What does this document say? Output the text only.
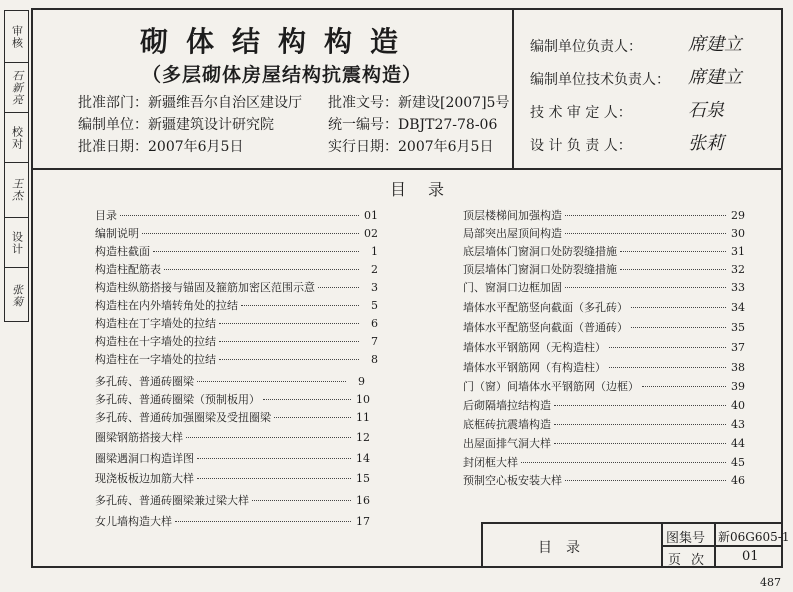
审核
石新亮
校对
王杰
设计
张菊
砌体结构构造
（多层砌体房屋结构抗震构造）
批准部门：新疆维吾尔自治区建设厅 批准文号：新建设[2007]5号
编制单位：新疆建筑设计研究院	统一编号：DBJT27-78-06
批准日期：2007年6月5日	实行日期：2007年6月5日
编制单位负责人：	席建立
编制单位技术负责人： 席建立
技 术 审 定 人：	石泉
设 计 负 责 人：	张莉
目录
目录	01
编制说明	02
构造柱截面	1
构造柱配筋表	2
构造柱纵筋搭接与锚固及箍筋加密区范围示意	3
构造柱在内外墙转角处的拉结	5
构造柱在丁字墙处的拉结	6
构造柱在十字墙处的拉结	7
构造柱在一字墙处的拉结	8
多孔砖、普通砖圈梁	9
多孔砖、普通砖圈梁（预制板用）	10
多孔砖、普通砖加强圈梁及受扭圈梁	11
圈梁钢筋搭接大样	12
圈梁遇洞口构造详图	14
现浇板板边加筋大样	15
多孔砖、普通砖圈梁兼过梁大样	16
女儿墙构造大样	17
顶层楼梯间加强构造	29
局部突出屋顶间构造	30
底层墙体门窗洞口处防裂缝措施	31
顶层墙体门窗洞口处防裂缝措施	32
门、窗洞口边框加固	33
墙体水平配筋竖向截面（多孔砖）	34
墙体水平配筋竖向截面（普通砖）	35
墙体水平钢筋网（无构造柱）	37
墙体水平钢筋网（有构造柱）	38
门（窗）间墙体水平钢筋网（边框）	39
后砌隔墙拉结构造	40
底框砖抗震墙构造	43
出屋面排气洞大样	44
封闭框大样	45
预制空心板安装大样	46
目录
图集号 新06G605-1
页次 01
487
